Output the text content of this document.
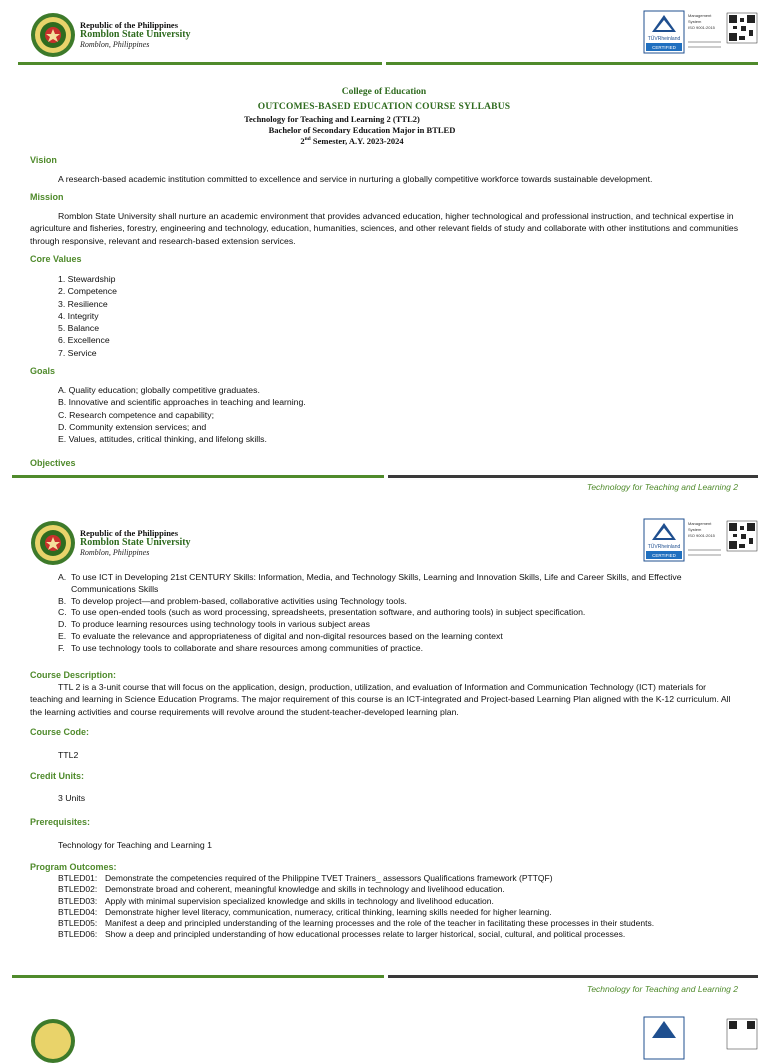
Republic of the Philippines
Romblon State University
Romblon, Philippines
TÜVRheinland
CERTIFIED
Management
System
ISO 9001:2015
College of Education
OUTCOMES-BASED EDUCATION COURSE SYLLABUS
Technology for Teaching and Learning 2 (TTL2)
Bachelor of Secondary Education Major in BTLED
2nd Semester, A.Y. 2023-2024
Vision
A research-based academic institution committed to excellence and service in nurturing a globally competitive workforce towards sustainable development.
Mission
Romblon State University shall nurture an academic environment that provides advanced education, higher technological and professional instruction, and technical expertise in agriculture and fisheries, forestry, engineering and technology, education, humanities, sciences, and other relevant fields of study and collaborate with other institutions and communities through responsive, relevant and research-based extension services.
Core Values
1. Stewardship
2. Competence
3. Resilience
4. Integrity
5. Balance
6. Excellence
7. Service
Goals
A. Quality education; globally competitive graduates.
B. Innovative and scientific approaches in teaching and learning.
C. Research competence and capability;
D. Community extension services; and
E. Values, attitudes, critical thinking, and lifelong skills.
Objectives
Technology for Teaching and Learning 2
Republic of the Philippines
Romblon State University
Romblon, Philippines
TÜVRheinland
CERTIFIED
Management
System
ISO 9001:2015
A. To use ICT in Developing 21st CENTURY Skills: Information, Media, and Technology Skills, Learning and Innovation Skills, Life and Career Skills, and Effective Communications Skills
B. To develop project—and problem-based, collaborative activities using Technology tools.
C. To use open-ended tools (such as word processing, spreadsheets, presentation software, and authoring tools) in subject specification.
D. To produce learning resources using technology tools in various subject areas
E. To evaluate the relevance and appropriateness of digital and non-digital resources based on the learning context
F. To use technology tools to collaborate and share resources among communities of practice.
Course Description:
TTL 2 is a 3-unit course that will focus on the application, design, production, utilization, and evaluation of Information and Communication Technology (ICT) materials for teaching and learning in Science Education Programs. The major requirement of this course is an ICT-integrated and Project-based Learning Plan aligned with the K-12 curriculum. All the learning activities and course requirements will revolve around the student-teacher-developed learning plan.
Course Code:
TTL2
Credit Units:
3 Units
Prerequisites:
Technology for Teaching and Learning 1
Program Outcomes:
BTLED01: Demonstrate the competencies required of the Philippine TVET Trainers_ assessors Qualifications framework (PTTQF)
BTLED02: Demonstrate broad and coherent, meaningful knowledge and skills in technology and livelihood education.
BTLED03: Apply with minimal supervision specialized knowledge and skills in technology and livelihood education.
BTLED04: Demonstrate higher level literacy, communication, numeracy, critical thinking, learning skills needed for higher learning.
BTLED05: Manifest a deep and principled understanding of the learning processes and the role of the teacher in facilitating these processes in their students.
BTLED06: Show a deep and principled understanding of how educational processes relate to larger historical, social, cultural, and political processes.
Technology for Teaching and Learning 2
